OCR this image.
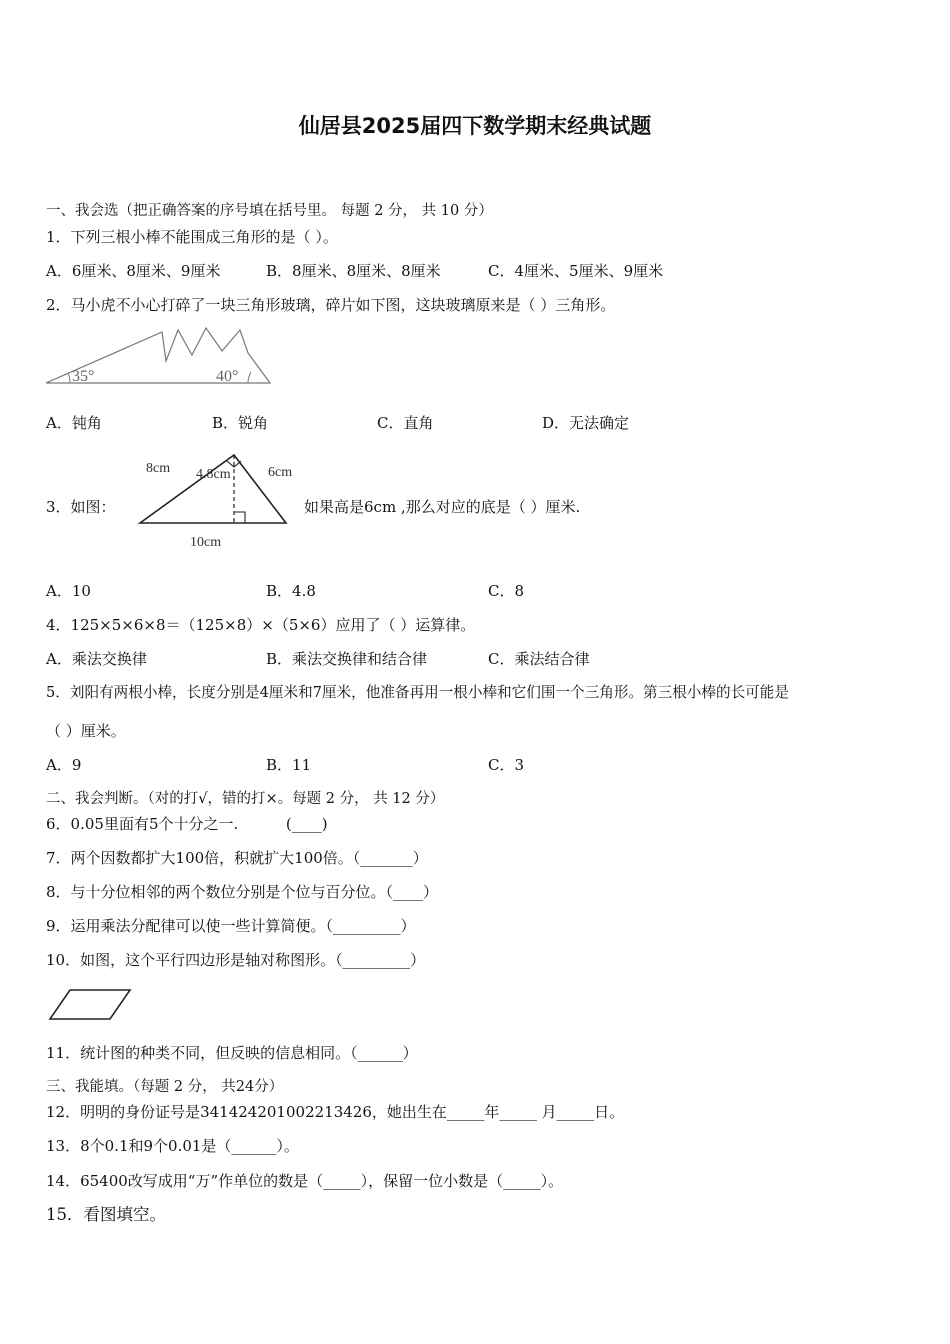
仙居县2025届四下数学期末经典试题
一、我会选（把正确答案的序号填在括号里。 每题 2 分， 共 10 分）
1．下列三根小棒不能围成三角形的是（ ）。
A．6厘米、8厘米、9厘米	B．8厘米、8厘米、8厘米	C．4厘米、5厘米、9厘米
2．马小虎不小心打碎了一块三角形玻璃，碎片如下图，这块玻璃原来是（ ）三角形。
35°	40°
A．钝角	B．锐角	C．直角	D．无法确定
3．如图：
8cm 4.8cm	6cm
10cm
如果高是6cm ,那么对应的底是（ ）厘米.
A．10	B．4.8	C．8
4．125×5×6×8＝（125×8）×（5×6）应用了（ ）运算律。
A．乘法交换律	B．乘法交换律和结合律	C．乘法结合律
5．刘阳有两根小棒，长度分别是4厘米和7厘米，他准备再用一根小棒和它们围一个三角形。第三根小棒的长可能是
（ ）厘米。
A．9	B．11	C．3
二、我会判断。（对的打√，错的打×。每题 2 分， 共 12 分）
6．0.05里面有5个十分之一.          (____)
7．两个因数都扩大100倍，积就扩大100倍。（_______）
8．与十分位相邻的两个数位分别是个位与百分位。（____）
9．运用乘法分配律可以使一些计算简便。（_________）
10．如图，这个平行四边形是轴对称图形。（_________）
11．统计图的种类不同，但反映的信息相同。（______）
三、我能填。（每题 2 分， 共24分）
12．明明的身份证号是341424201002213426，她出生在_____年_____ 月_____日。
13．8个0.1和9个0.01是（______）。
14．65400改写成用“万”作单位的数是（_____），保留一位小数是（_____）。
15．看图填空。
